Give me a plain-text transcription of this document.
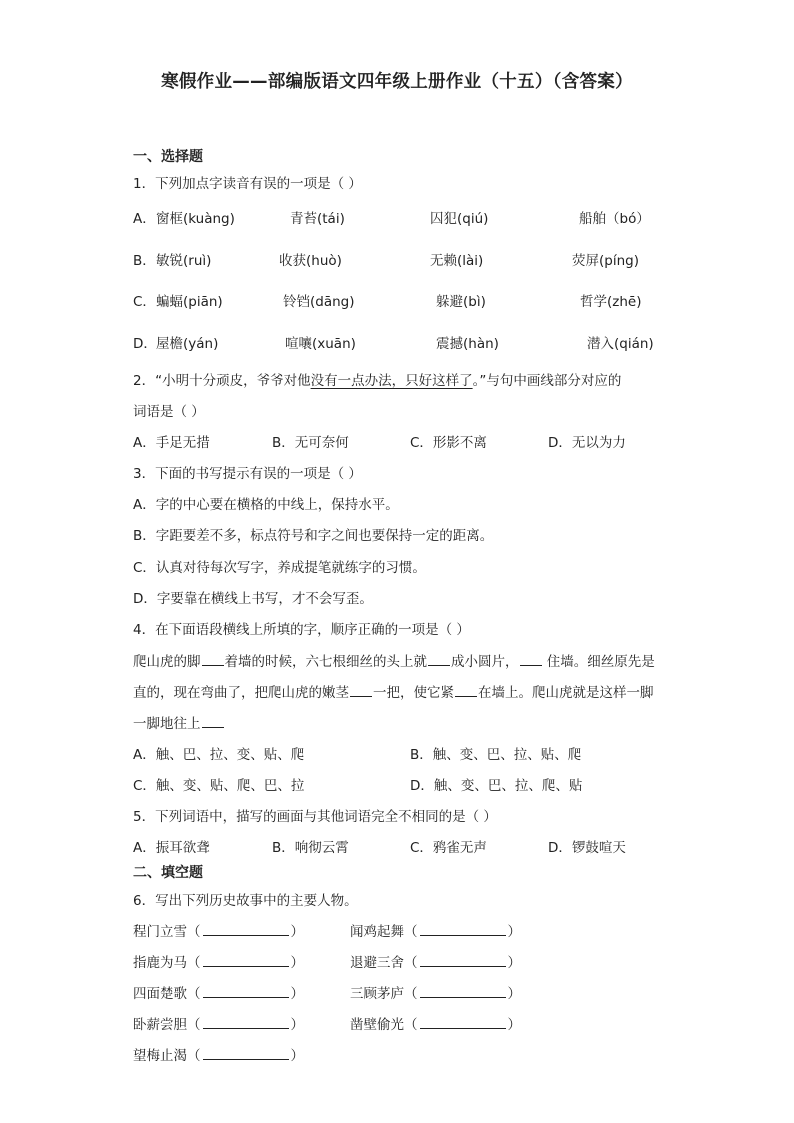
寒假作业——部编版语文四年级上册作业（十五）（含答案）
一、选择题
1．下列加点字读音有误的一项是（ ）
A． 窗框(kuàng)	青苔(tái)	囚犯(qiú)	船舶（bó）
B． 敏锐(ruì)	收获(huò)	无赖(lài)	荧屏(píng)
C． 蝙蝠(piān)	铃铛(dāng)	躲避(bì)	哲学(zhē)
D． 屋檐(yán)	喧嚷(xuān)	震撼(hàn)	潜入(qián)
2．“小明十分顽皮，爷爷对他没有一点办法，只好这样了。”与句中画线部分对应的
词语是（ ）
A．手足无措	B．无可奈何	C．形影不离	D．无以为力
3．下面的书写提示有误的一项是（ ）
A．字的中心要在横格的中线上，保持水平。
B．字距要差不多，标点符号和字之间也要保持一定的距离。
C．认真对待每次写字，养成提笔就练字的习惯。
D．字要靠在横线上书写，才不会写歪。
4．在下面语段横线上所填的字，顺序正确的一项是（ ）
爬山虎的脚 着墙的时候，六七根细丝的头上就 成小圆片， 住墙。细丝原先是
直的，现在弯曲了，把爬山虎的嫩茎 一把，使它紧 在墙上。爬山虎就是这样一脚
一脚地往上
A．触、巴、拉、变、贴、爬	B．触、变、巴、拉、贴、爬
C．触、变、贴、爬、巴、拉	D．触、变、巴、拉、爬、贴
5．下列词语中，描写的画面与其他词语完全不相同的是（ ）
A．振耳欲聋	B．响彻云霄	C．鸦雀无声	D．锣鼓喧天
二、填空题
6．写出下列历史故事中的主要人物。
程门立雪（	）	闻鸡起舞（	）
指鹿为马（	）	退避三舍（	）
四面楚歌（	）	三顾茅庐（	）
卧薪尝胆（	）	凿壁偷光（	）
望梅止渴（	）
